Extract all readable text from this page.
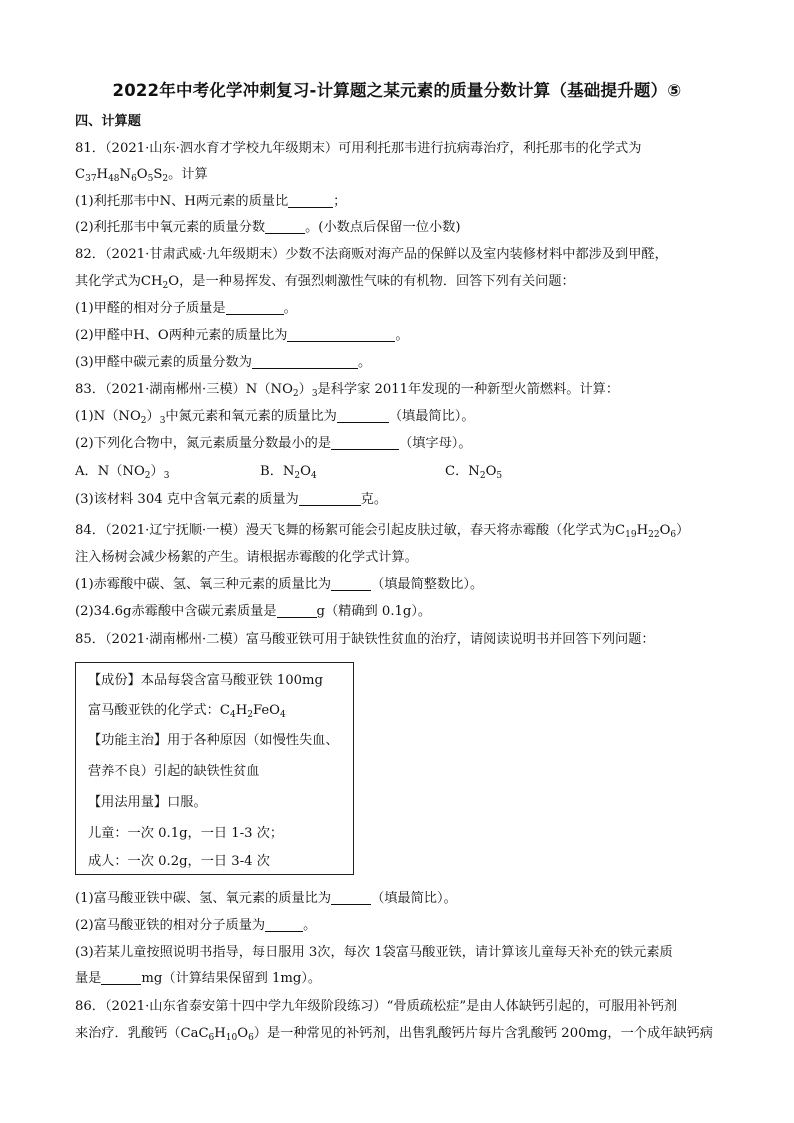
2022年中考化学冲刺复习-计算题之某元素的质量分数计算（基础提升题）⑤
四、计算题
81．（2021·山东·泗水育才学校九年级期末）可用利托那韦进行抗病毒治疗，利托那韦的化学式为
$C_{37}H_{48}N_6O_5S_2$。计算
(1)利托那韦中N、H两元素的质量比	；
(2)利托那韦中氧元素的质量分数	。(小数点后保留一位小数)
82．（2021·甘肃武威·九年级期末）少数不法商贩对海产品的保鲜以及室内装修材料中都涉及到甲醛，
其化学式为$CH_2O$，是一种易挥发、有强烈刺激性气味的有机物．回答下列有关问题：
(1)甲醛的相对分子质量是	。
(2)甲醛中H、O两种元素的质量比为	。
(3)甲醛中碳元素的质量分数为	。
83．（2021·湖南郴州·三模）$N(NO_2)_3$是科学家 2011年发现的一种新型火箭燃料。计算：
$(1)N(NO_2)_3$中氮元素和氧元素的质量比为	（填最简比）。
(2)下列化合物中，氮元素质量分数最小的是	（填字母）。
A．$N(NO_2)_3$	B．$N_2O_4$	C．$N_2O_5$
(3)该材料 304 克中含氧元素的质量为	克。
84．（2021·辽宁抚顺·一模）漫天飞舞的杨絮可能会引起皮肤过敏，春天将赤霉酸（化学式为$C_{19}H_{22}O_6$）
注入杨树会减少杨絮的产生。请根据赤霉酸的化学式计算。
(1)赤霉酸中碳、氢、氧三种元素的质量比为	（填最简整数比）。
(2)34.6g赤霉酸中含碳元素质量是	g（精确到 0.1g）。
85．（2021·湖南郴州·二模）富马酸亚铁可用于缺铁性贫血的治疗，请阅读说明书并回答下列问题：
【成份】本品每袋含富马酸亚铁 100mg
富马酸亚铁的化学式：$C_4H_2FeO_4$
【功能主治】用于各种原因（如慢性失血、
营养不良）引起的缺铁性贫血
【用法用量】口服。
儿童：一次 0.1g，一日 1-3 次；
成人：一次 0.2g，一日 3-4 次
(1)富马酸亚铁中碳、氢、氧元素的质量比为	（填最简比）。
(2)富马酸亚铁的相对分子质量为	。
(3)若某儿童按照说明书指导，每日服用 3次，每次 1袋富马酸亚铁，请计算该儿童每天补充的铁元素质
量是	mg（计算结果保留到 1mg）。
86．（2021·山东省泰安第十四中学九年级阶段练习）“骨质疏松症”是由人体缺钙引起的，可服用补钙剂
来治疗．乳酸钙$(CaC_6H_{10}O_6)$是一种常见的补钙剂，出售乳酸钙片每片含乳酸钙 200mg，一个成年缺钙病
